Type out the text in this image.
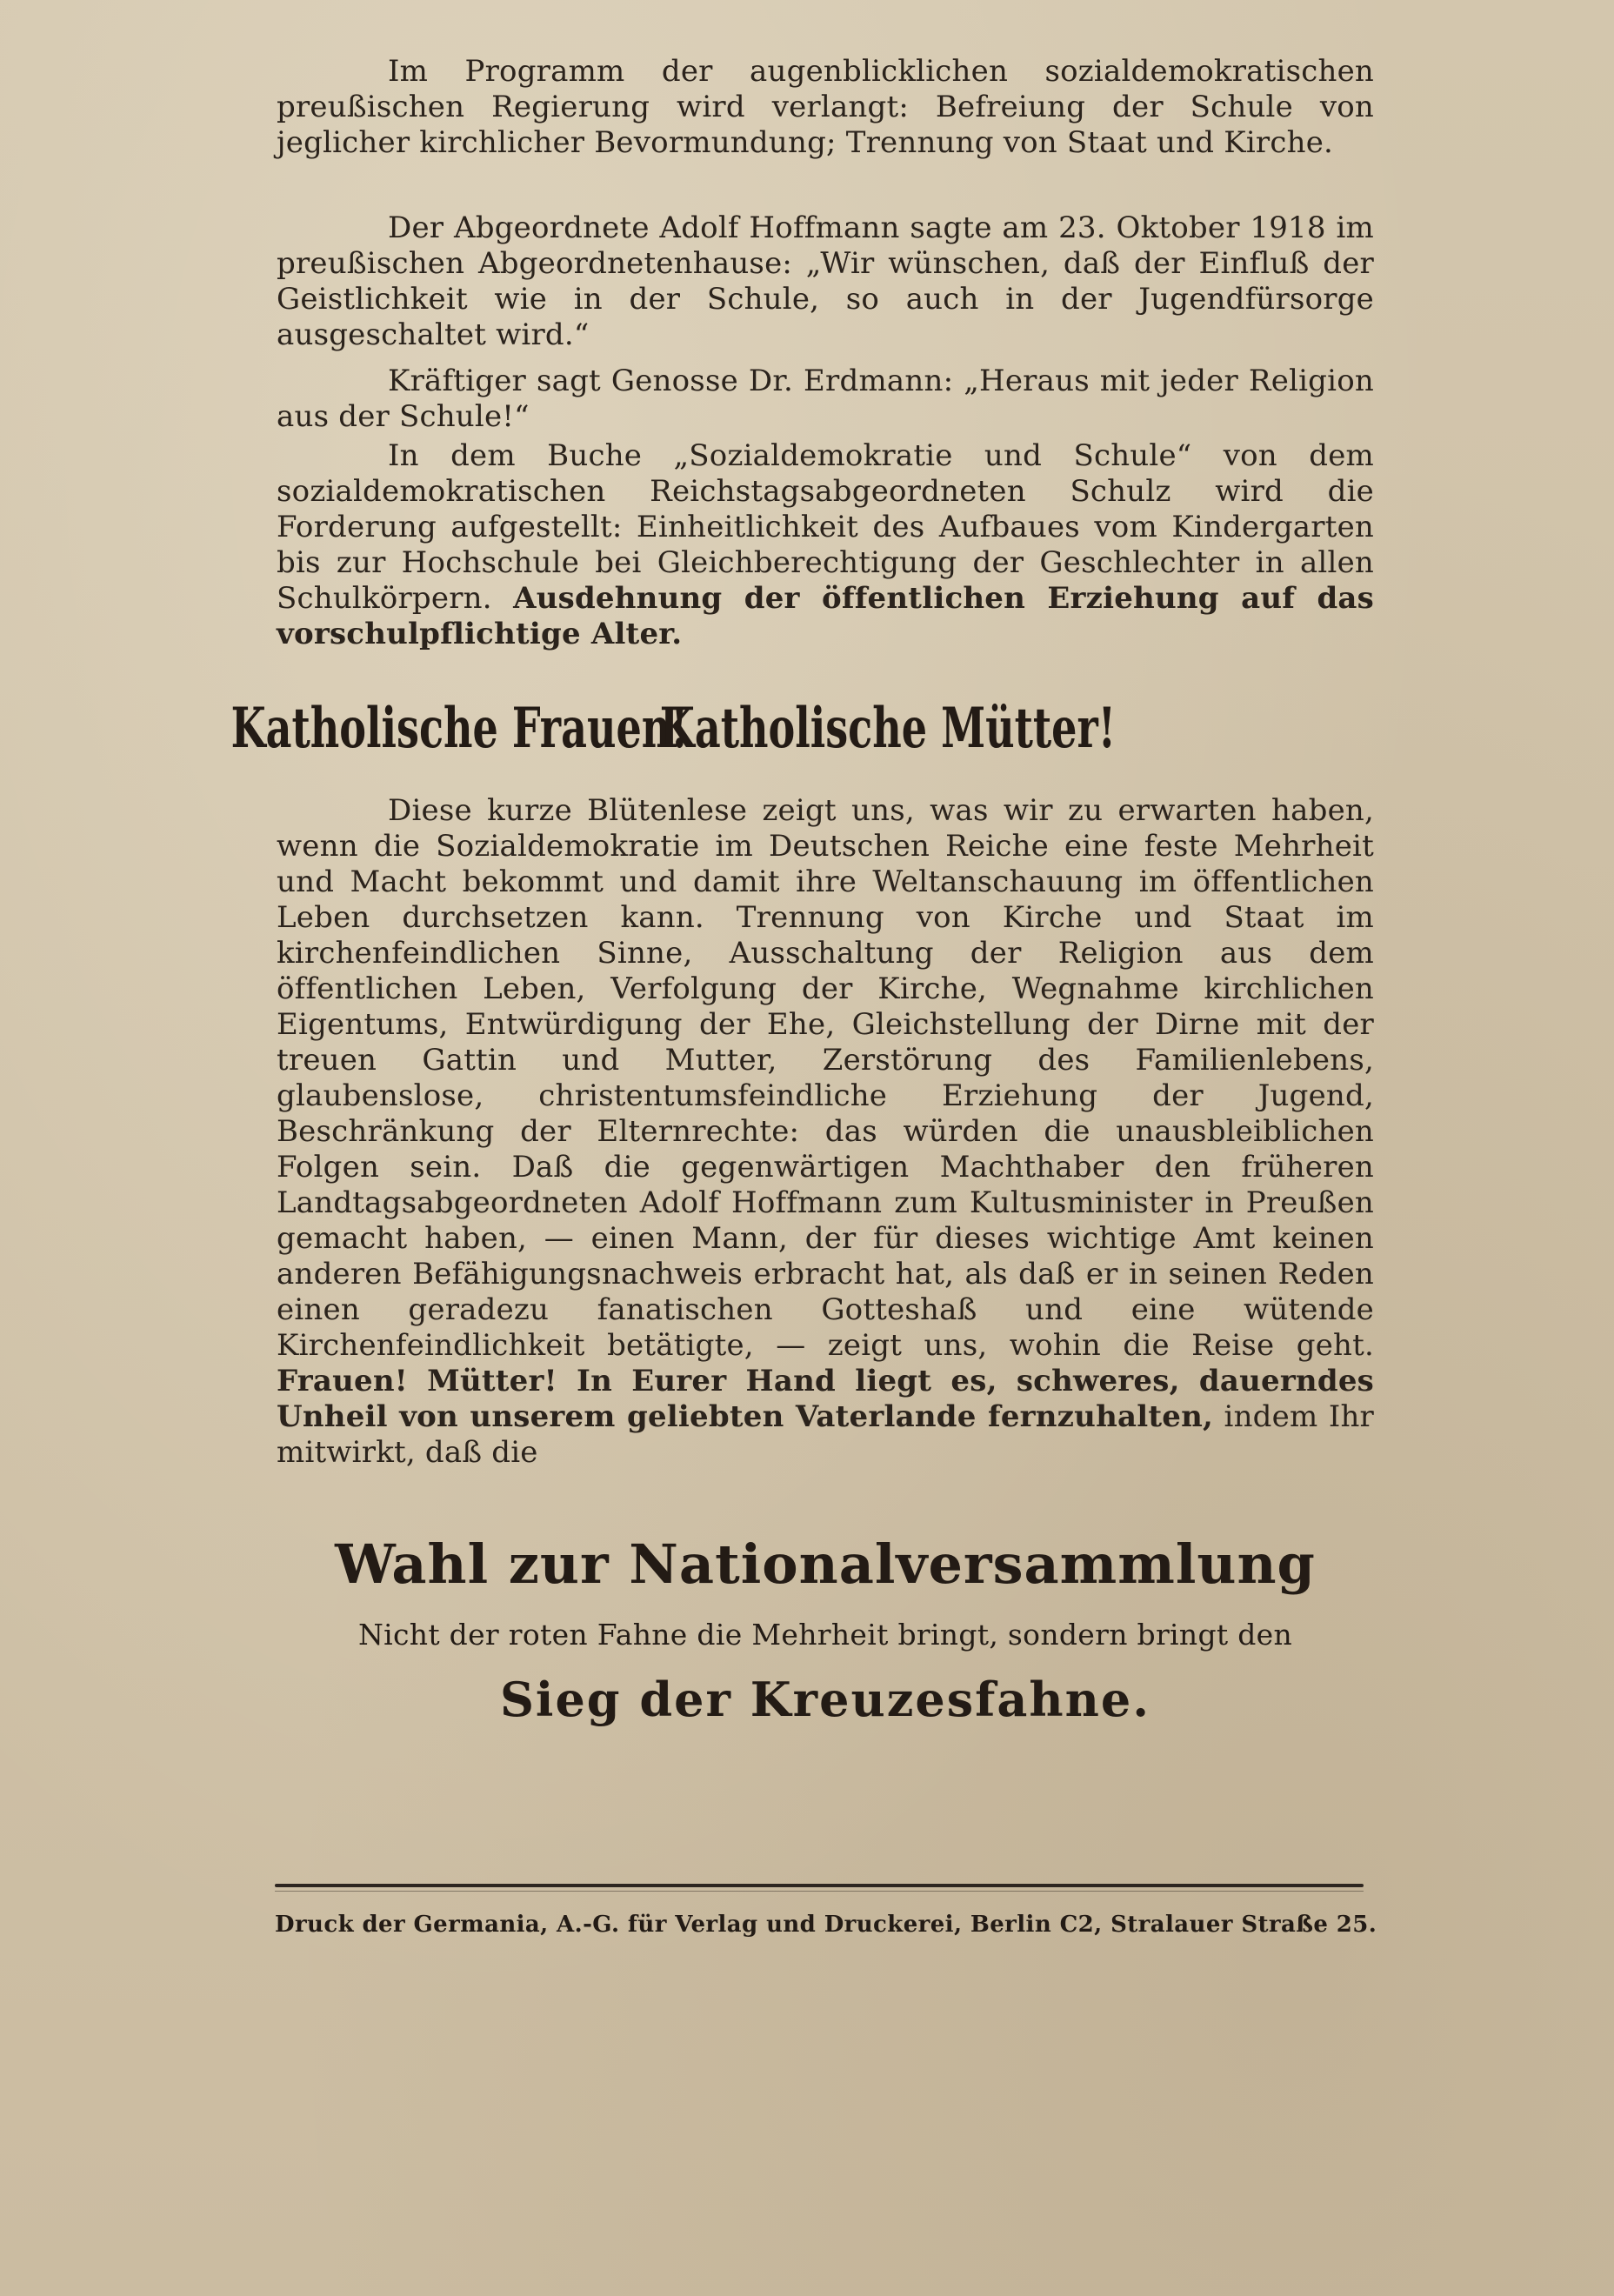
Im Programm der augenblicklichen sozialdemokratischen preußischen Regierung wird verlangt: Befreiung der Schule von jeglicher kirchlicher Bevormundung; Trennung von Staat und Kirche.

Der Abgeordnete Adolf Hoffmann sagte am 23. Oktober 1918 im preußischen Abgeordnetenhause: „Wir wünschen, daß der Einfluß der Geistlichkeit wie in der Schule, so auch in der Jugendfürsorge ausgeschaltet wird.“

Kräftiger sagt Genosse Dr. Erdmann: „Heraus mit jeder Religion aus der Schule!“

In dem Buche „Sozialdemokratie und Schule“ von dem sozialdemokratischen Reichstagsabgeordneten Schulz wird die Forderung aufgestellt: Einheitlichkeit des Aufbaues vom Kindergarten bis zur Hochschule bei Gleichberechtigung der Geschlechter in allen Schulkörpern. Ausdehnung der öffentlichen Erziehung auf das vorschulpflichtige Alter.

Katholische Frauen!
Katholische Mütter!

Diese kurze Blütenlese zeigt uns, was wir zu erwarten haben, wenn die Sozialdemokratie im Deutschen Reiche eine feste Mehrheit und Macht bekommt und damit ihre Weltanschauung im öffentlichen Leben durchsetzen kann. Trennung von Kirche und Staat im kirchenfeindlichen Sinne, Ausschaltung der Religion aus dem öffentlichen Leben, Verfolgung der Kirche, Wegnahme kirchlichen Eigentums, Entwürdigung der Ehe, Gleichstellung der Dirne mit der treuen Gattin und Mutter, Zerstörung des Familienlebens, glaubenslose, christentumsfeindliche Erziehung der Jugend, Beschränkung der Elternrechte: das würden die unausbleiblichen Folgen sein. Daß die gegenwärtigen Machthaber den früheren Landtagsabgeordneten Adolf Hoffmann zum Kultusminister in Preußen gemacht haben, — einen Mann, der für dieses wichtige Amt keinen anderen Befähigungsnachweis erbracht hat, als daß er in seinen Reden einen geradezu fanatischen Gotteshaß und eine wütende Kirchenfeindlichkeit betätigte, — zeigt uns, wohin die Reise geht. Frauen! Mütter! In Eurer Hand liegt es, schweres, dauerndes Unheil von unserem geliebten Vaterlande fernzuhalten, indem Ihr mitwirkt, daß die

Wahl zur Nationalversammlung
Nicht der roten Fahne die Mehrheit bringt, sondern bringt den
Sieg der Kreuzesfahne.
Druck der Germania, A.-G. für Verlag und Druckerei, Berlin C2, Stralauer Straße 25.
